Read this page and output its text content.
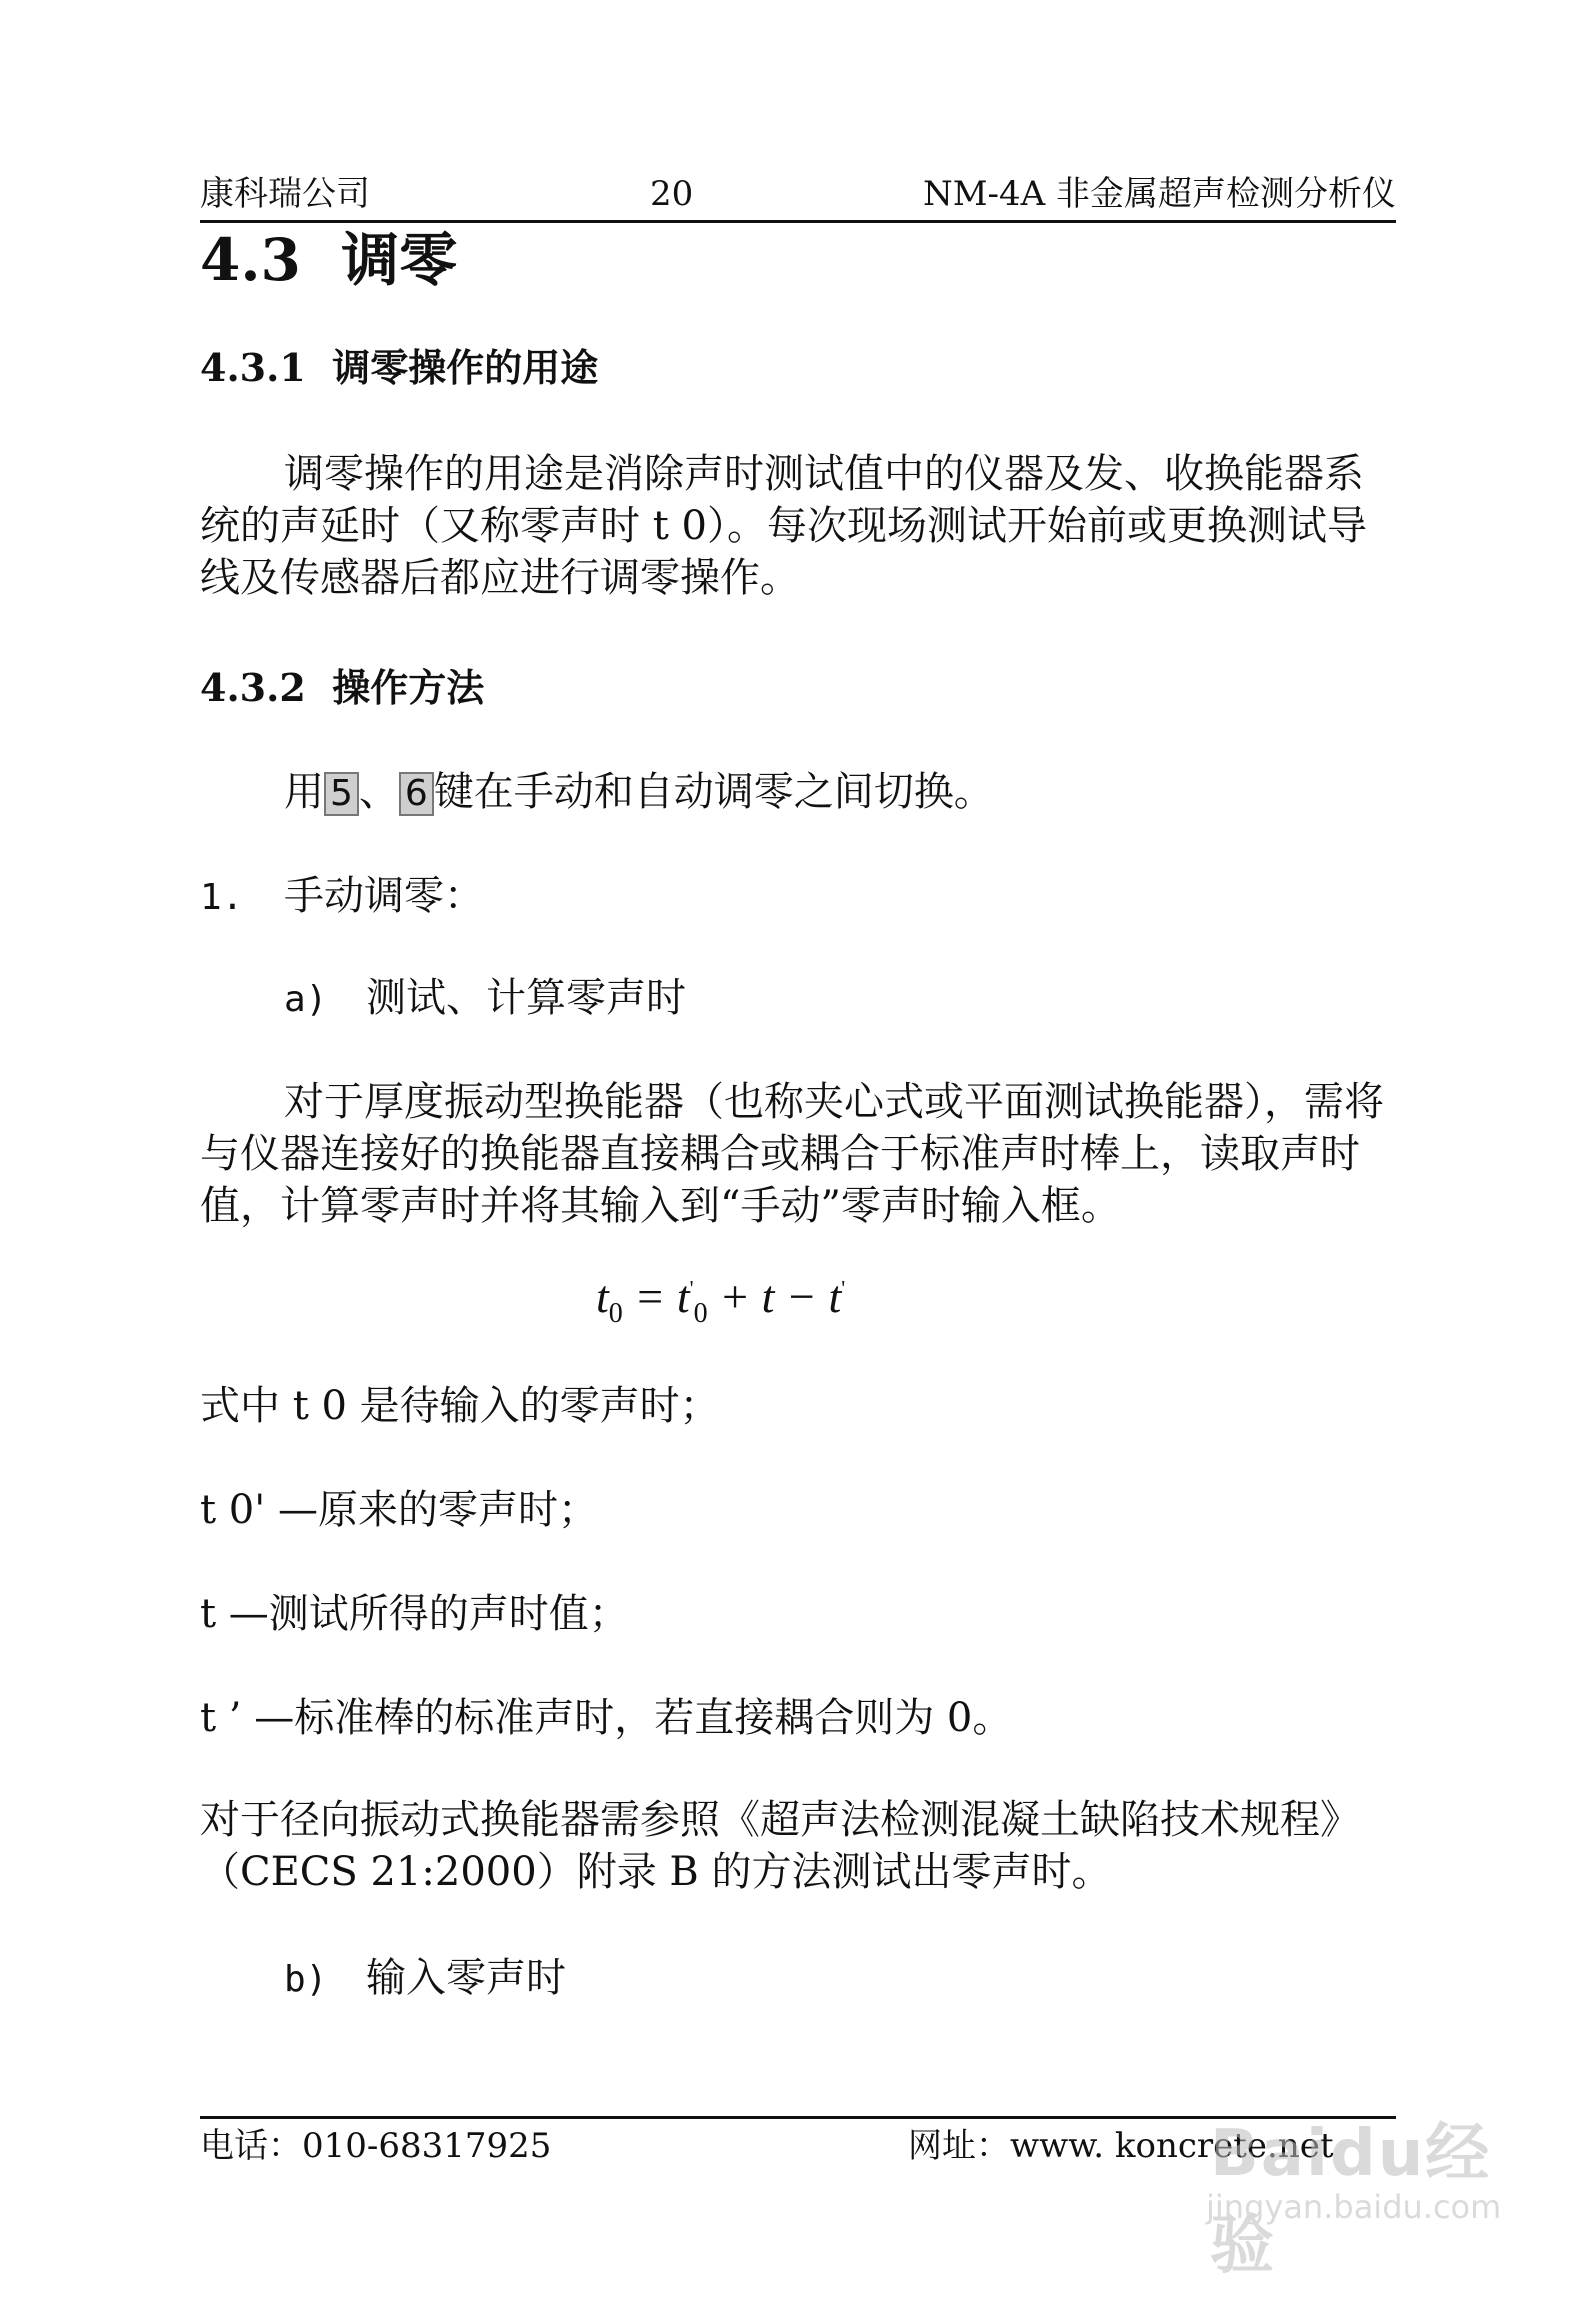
康科瑞公司	20	NM-4A 非金属超声检测分析仪
4.3 调零
4.3.1 调零操作的用途
调零操作的用途是消除声时测试值中的仪器及发、收换能器系统的声延时（又称零声时 t 0）。每次现场测试开始前或更换测试导线及传感器后都应进行调零操作。
4.3.2 操作方法
用 5 、 6 键在手动和自动调零之间切换。
1. 手动调零：
a) 测试、计算零声时
对于厚度振动型换能器（也称夹心式或平面测试换能器），需将与仪器连接好的换能器直接耦合或耦合于标准声时棒上，读取声时值，计算零声时并将其输入到“手动”零声时输入框。
$t_0 = t'_0 + t - t'$
式中 t 0 是待输入的零声时；
t 0' —原来的零声时；
t —测试所得的声时值；
t ’ —标准棒的标准声时，若直接耦合则为 0。
对于径向振动式换能器需参照《超声法检测混凝土缺陷技术规程》（CECS 21:2000）附录 B 的方法测试出零声时。
b) 输入零声时
电话：010-68317925	网址：www. koncrete.net
Baidu经验
jingyan.baidu.com
